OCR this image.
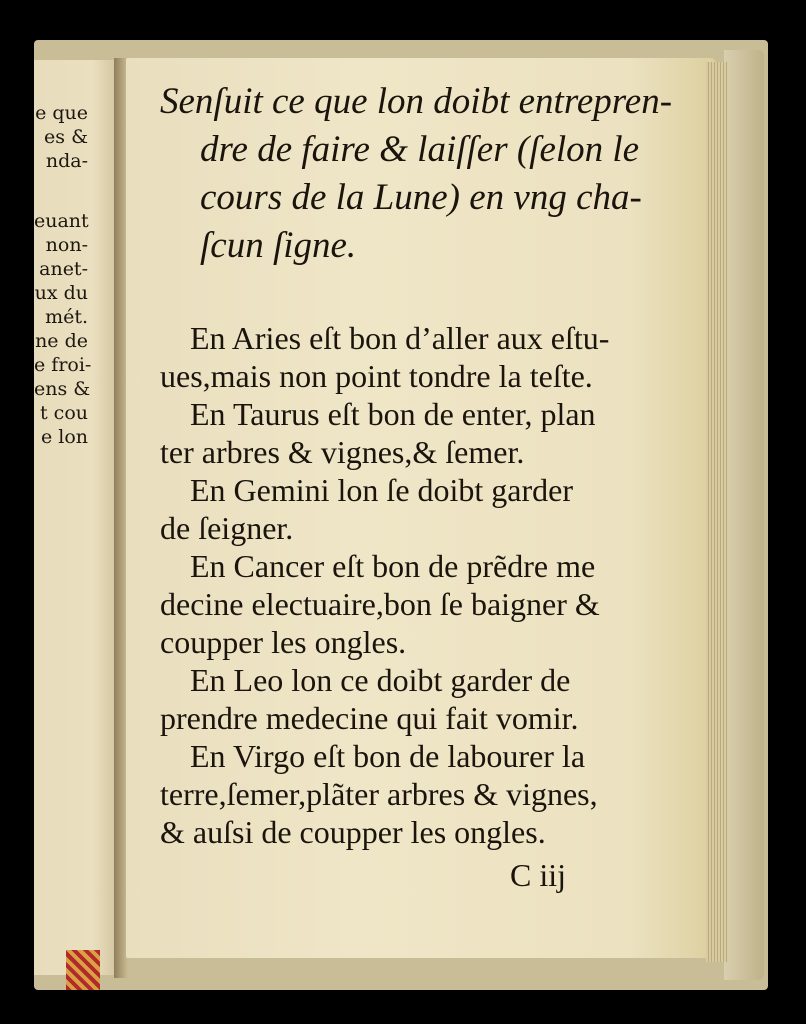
e que
es &
nda-
euant
non-
anet-
ux du
mét.
ne de
e froi-
ens &
t cou
e lon
Senſuit ce que lon doibt entrepren-
dre de faire & laiſſer (ſelon le
cours de la Lune) en vng cha-
ſcun ſigne.
En Aries eſt bon d’aller aux eſtu-
ues,mais non point tondre la teſte.
En Taurus eſt bon de enter, plan
ter arbres & vignes,& ſemer.
En Gemini lon ſe doibt garder
de ſeigner.
En Cancer eſt bon de prẽdre me
decine electuaire,bon ſe baigner &
coupper les ongles.
En Leo lon ce doibt garder de
prendre medecine qui fait vomir.
En Virgo eſt bon de labourer la
terre,ſemer,plãter arbres & vignes,
& auſsi de coupper les ongles.
C iij
